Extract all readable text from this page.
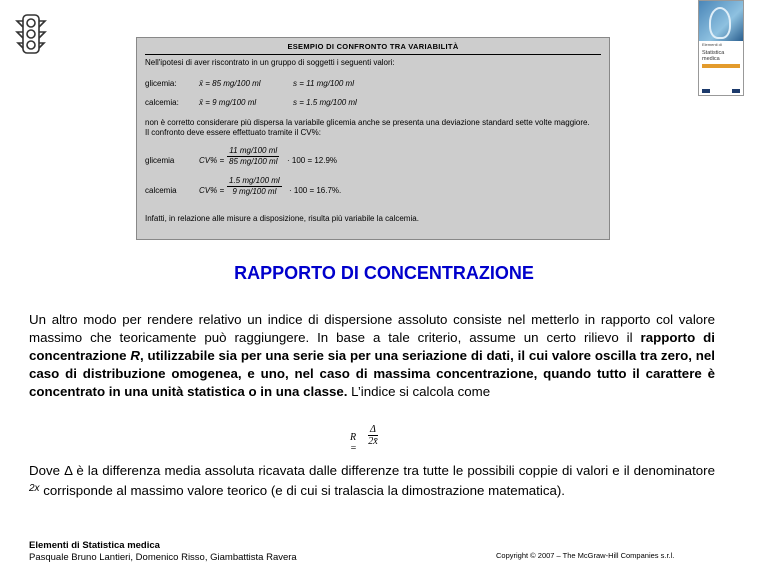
Elementi di
Statistica medica
ESEMPIO DI CONFRONTO TRA VARIABILITÀ
Nell'ipotesi di aver riscontrato in un gruppo di soggetti i seguenti valori:
glicemia:	x̄ = 85 mg/100 ml	s = 11 mg/100 ml
calcemia:	x̄ = 9 mg/100 ml	s = 1.5 mg/100 ml
non è corretto considerare più dispersa la variabile glicemia anche se presenta una deviazione standard sette volte maggiore.
Il confronto deve essere effettuato tramite il CV%:
glicemia	$CV\% = \frac{11 mg/100 ml}{85 mg/100 ml} \cdot 100 = 12.9\%$
calcemia	$CV\% = \frac{1.5 mg/100 ml}{9 mg/100 ml} \cdot 100 = 16.7\%$.
Infatti, in relazione alle misure a disposizione, risulta più variabile la calcemia.
RAPPORTO DI CONCENTRAZIONE
Un altro modo per rendere relativo un indice di dispersione assoluto consiste nel metterlo in rapporto col valore massimo che teoricamente può raggiungere. In base a tale criterio, assume un certo rilievo il rapporto di concentrazione R, utilizzabile sia per una serie sia per una seriazione di dati, il cui valore oscilla tra zero, nel caso di distribuzione omogenea, e uno, nel caso di massima concentrazione, quando tutto il carattere è concentrato in una unità statistica o in una classe. L’indice si calcola come
R =
$\frac{\Delta}{2x̄}$
Dove Δ è la differenza media assoluta ricavata dalle differenze tra tutte le possibili coppie di valori e il denominatore $^{2x}$ corrisponde al massimo valore teorico (e di cui si tralascia la dimostrazione matematica).
Elementi di Statistica medica
Pasquale Bruno Lantieri, Domenico Risso, Giambattista Ravera	Copyright © 2007 – The McGraw-Hill Companies s.r.l.
